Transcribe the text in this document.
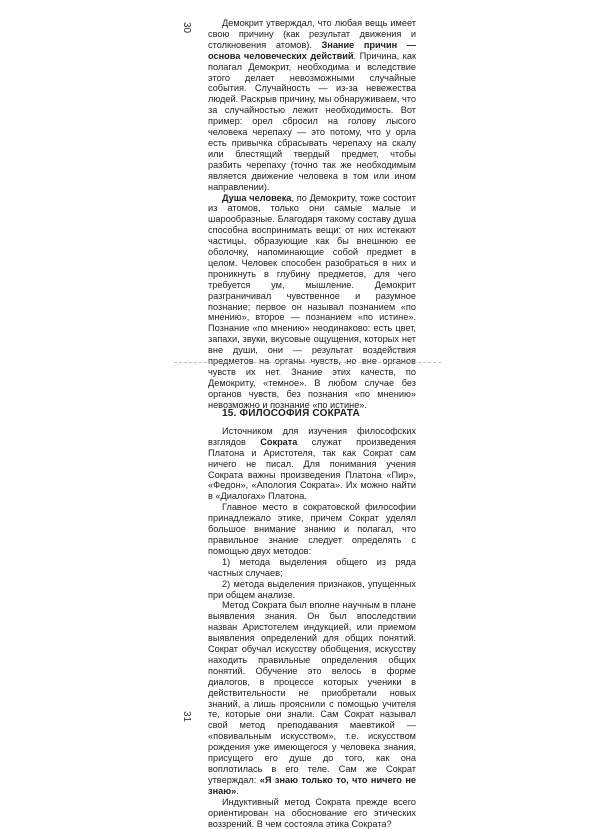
30	Демокрит утверждал, что любая вещь имеет свою причину (как результат движения и столкновения атомов). Знание причин — основа человеческих действий. Причина, как полагал Демокрит, необходима и вследствие этого делает невозможными случайные события. Случайность — из-за невежества людей. Раскрыв причину, мы обнаруживаем, что за случайностью лежит необходимость. Вот пример: орел сбросил на голову лысого человека черепаху — это потому, что у орла есть привычка сбрасывать черепаху на скалу или блестящий твердый предмет, чтобы разбить черепаху (точно так же необходимым является движение человека в том или ином направлении).

Душа человека, по Демокриту, тоже состоит из атомов, только они самые малые и шарообразные. Благодаря такому составу душа способна воспринимать вещи: от них истекают частицы, образующие как бы внешнюю ее оболочку, напоминающие собой предмет в целом. Человек способен разобраться в них и проникнуть в глубину предметов, для чего требуется ум, мышление. Демокрит разграничивал чувственное и разумное познание; первое он называл познанием «по мнению», второе — познанием «по истине». Познание «по мнению» неодинаково: есть цвет, запахи, звуки, вкусовые ощущения, которых нет вне души, они — результат воздействия предметов на органы чувств, но вне органов чувств их нет. Знание этих качеств, по Демокриту, «темное». В любом случае без органов чувств, без познания «по мнению» невозможно и познание «по истине».

15. ФИЛОСОФИЯ СОКРАТА

Источником для изучения философских взглядов Сократа служат произведения Платона и Аристотеля, так как Сократ сам ничего не писал. Для понимания учения Сократа важны произведения Платона «Пир», «Федон», «Апология Сократа». Их можно найти в «Диалогах» Платона.

Главное место в сократовской философии принадлежало этике, причем Сократ уделял большое внимание знанию и полагал, что правильное знание следует определять с помощью двух методов:

1) метода выделения общего из ряда частных случаев;

2) метода выделения признаков, упущенных при общем анализе.

Метод Сократа был вполне научным в плане выявления знания. Он был впоследствии назван Аристотелем индукцией, или приемом выявления определений для общих понятий. Сократ обучал искусству обобщения, искусству находить правильные определения общих понятий. Обучение это велось в форме диалогов, в процессе которых ученики в действительности не приобретали новых знаний, а лишь прояснили с помощью учителя те, которые они знали. Сам Сократ называл свой метод преподавания маевтикой — «повивальным искусством», т.е. искусством рождения уже имеющегося у человека знания, присущего его душе до того, как она воплотилась в его теле. Сам же Сократ утверждал: «Я знаю только то, что ничего не знаю».

Индуктивный метод Сократа прежде всего ориентирован на обоснование его этических воззрений. В чем состояла этика Сократа?

31
